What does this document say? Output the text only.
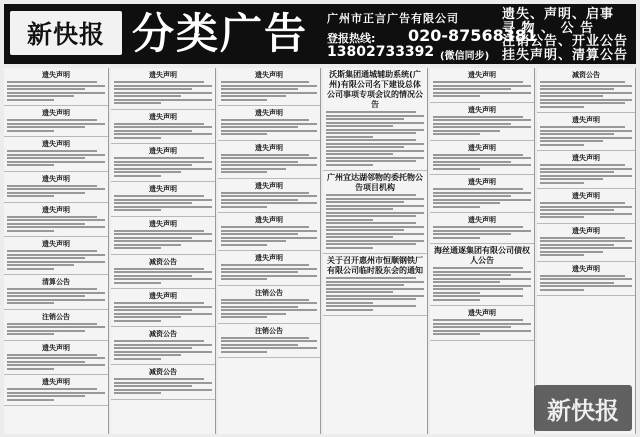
新快报 分类广告	广州市正言广告有限公司
登报热线: 020-87568381
13802733392 (微信同步)
遗失、声明、启事
寻 物 、 公 告
注销公告、开业公告
挂失声明、清算公告
遗失声明
遗失声明
遗失声明
遗失声明
遗失声明
遗失声明
清算公告
注销公告
遗失声明
遗失声明
遗失声明
遗失声明
遗失声明
遗失声明
遗失声明
减资公告
遗失声明
减资公告
减资公告
遗失声明
遗失声明
遗失声明
遗失声明
遗失声明
遗失声明
注销公告
注销公告
沃斯集团通城辅助系统(广州)有限公司名下建设总体公司事项专项会议的情况公告
广州宜达湖邻物的委托物公告项目机构
关于召开惠州市恒顺钢铁厂有限公司临时股东会的通知
遗失声明
遗失声明
遗失声明
遗失声明
遗失声明
海丝通逐集团有限公司债权人公告
遗失声明
减资公告
遗失声明
遗失声明
遗失声明
遗失声明
遗失声明
新快报
